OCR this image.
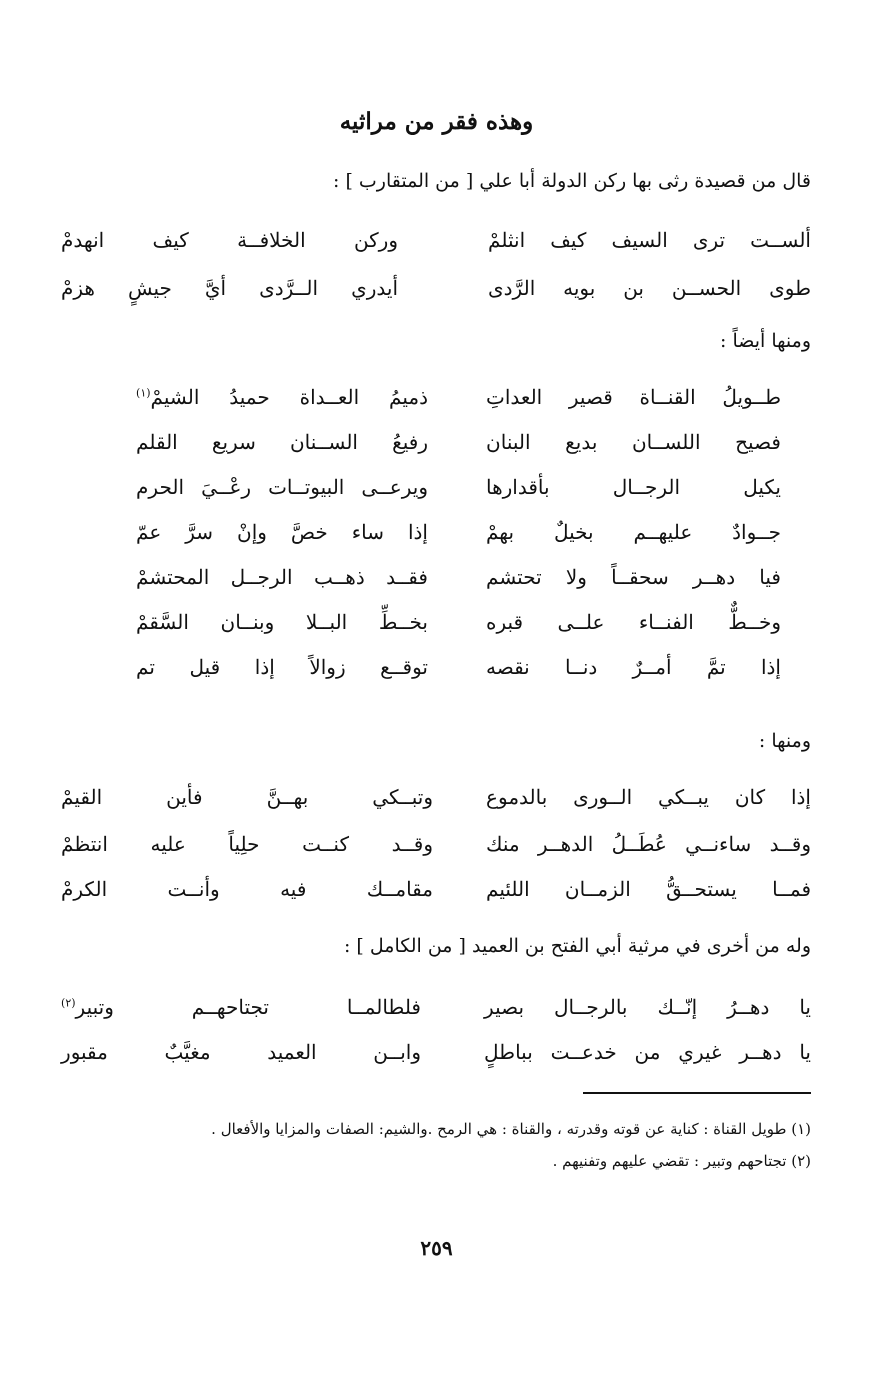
وهذه فقر من مراثيه
قال من قصيدة رثى بها ركن الدولة أبا علي [ من المتقارب ] :
ألســت
ترى
السيف
كيف
انثلمْ
وركن
الخلافــة
كيف
انهدمْ
طوى
الحســن
بن
بويه
الرَّدى
أيدري
الــرَّدى
أيَّ
جيشٍ
هزمْ
ومنها أيضاً :
طــويلُ
القنــاة
قصير
العداتِ
ذميمُ
العــداة
حميدُ
الشيمْ$^{(١)}$
فصيح
اللســان
بديع
البنان
رفيعُ
الســنان
سريع
القلم
يكيل
الرجــال
بأقدارها
ويرعــى
البيوتــات
رعْــيَ
الحرم
جــوادٌ
عليهــم
بخيلٌ
بهمْ
إذا
ساء
خصَّ
وإنْ
سرَّ
عمّ
فيا
دهــر
سحقــاً
ولا
تحتشم
فقــد
ذهــب
الرجــل
المحتشمْ
وخــطٌّ
الفنــاء
علــى
قبره
بخــطِّ
البــلا
وبنــان
السَّقمْ
إذا
تمَّ
أمــرٌ
دنــا
نقصه
توقــع
زوالاً
إذا
قيل
تم
ومنها :
إذا
كان
يبــكي
الــورى
بالدموع
وتبــكي
بهــنَّ
فأين
القيمْ
وقــد
ساءنــي
عُطَــلُ
الدهــر
منك
وقــد
كنــت
حلِياً
عليه
انتظمْ
فمــا
يستحــقُّ
الزمــان
اللئيم
مقامــك
فيه
وأنــت
الكرمْ
وله من أخرى في مرثية أبي الفتح بن العميد [ من الكامل ] :
يا
دهــرُ
إنّــك
بالرجــال
بصير
فلطالمــا
تجتاحهــم
وتبير$^{(٢)}$
يا
دهــر
غيري
من
خدعــت
بباطلٍ
وابــن
العميد
مغيَّبٌ
مقبور
(١) طويل القناة : كناية عن قوته وقدرته ، والقناة : هي الرمح .والشيم: الصفات والمزايا والأفعال .
(٢) تجتاحهم وتبير : تقضي عليهم وتفنيهم .
٢٥٩
